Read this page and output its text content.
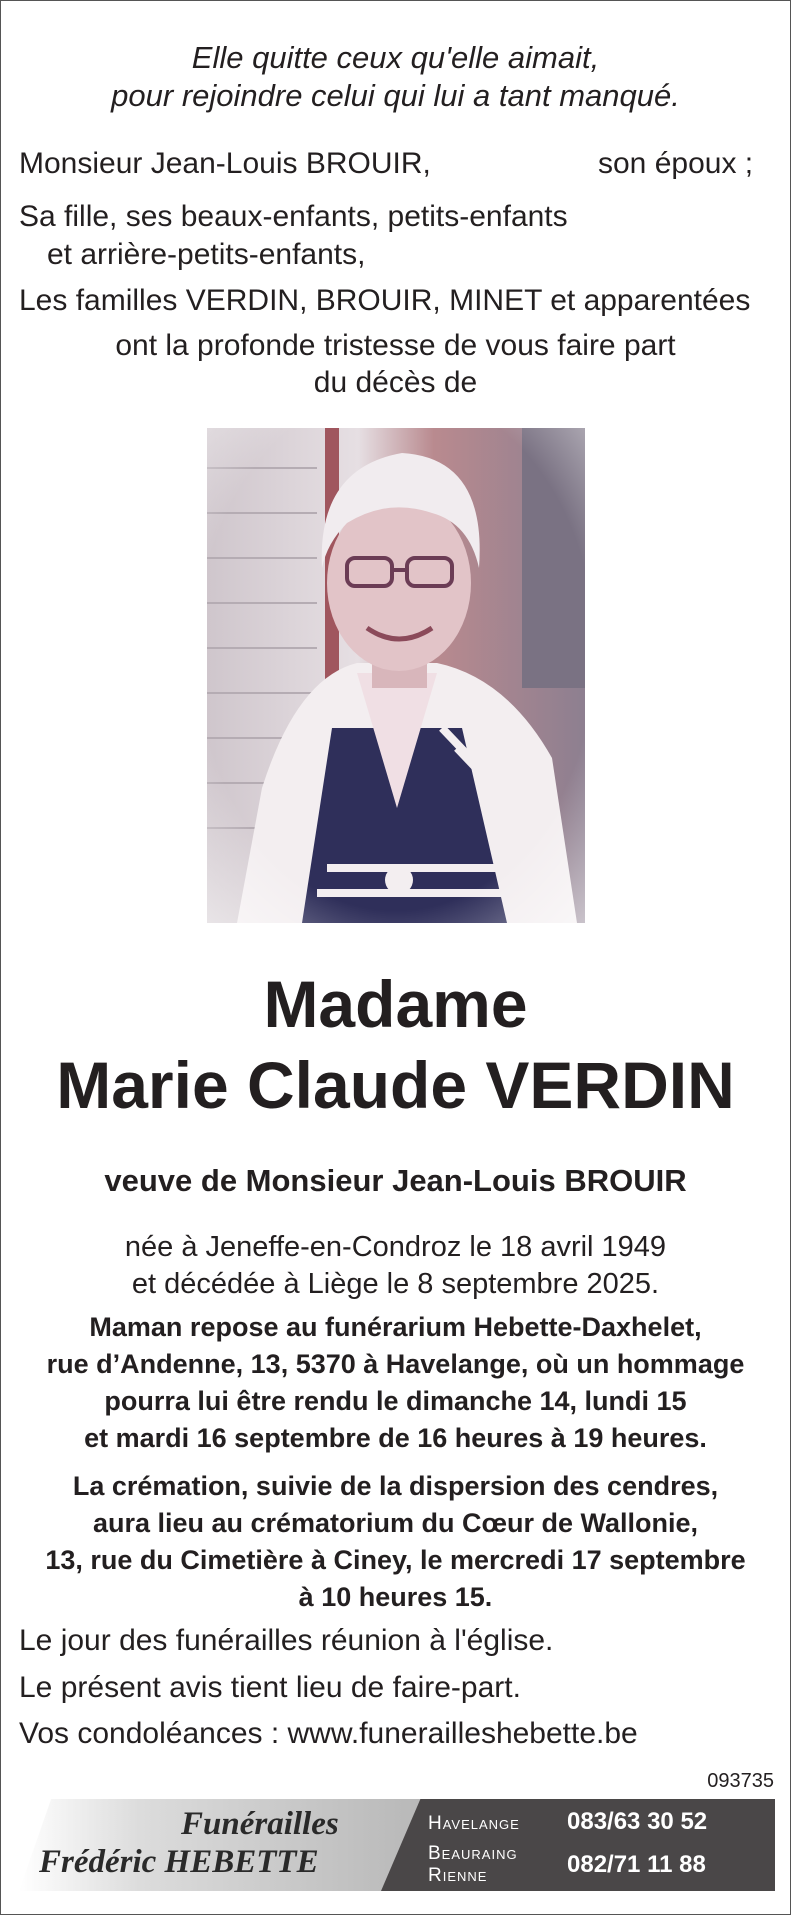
Elle quitte ceux qu'elle aimait,
pour rejoindre celui qui lui a tant manqué.
Monsieur Jean-Louis BROUIR,	son époux ;
Sa fille, ses beaux-enfants, petits-enfants
et arrière-petits-enfants,
Les familles VERDIN, BROUIR, MINET et apparentées
ont la profonde tristesse de vous faire part
du décès de
Madame
Marie Claude VERDIN
veuve de Monsieur Jean-Louis BROUIR
née à Jeneffe-en-Condroz le 18 avril 1949
et décédée à Liège le 8 septembre 2025.
Maman repose au funérarium Hebette-Daxhelet,
rue d’Andenne, 13, 5370 à Havelange, où un hommage
pourra lui être rendu le dimanche 14, lundi 15
et mardi 16 septembre de 16 heures à 19 heures.
La crémation, suivie de la dispersion des cendres,
aura lieu au crématorium du Cœur de Wallonie,
13, rue du Cimetière à Ciney, le mercredi 17 septembre
à 10 heures 15.
Le jour des funérailles réunion à l'église.
Le présent avis tient lieu de faire-part.
Vos condoléances : www.funerailleshebette.be
093735
Funérailles
Frédéric HEBETTE
Havelange 083/63 30 52
Beauraing
Rienne	082/71 11 88
